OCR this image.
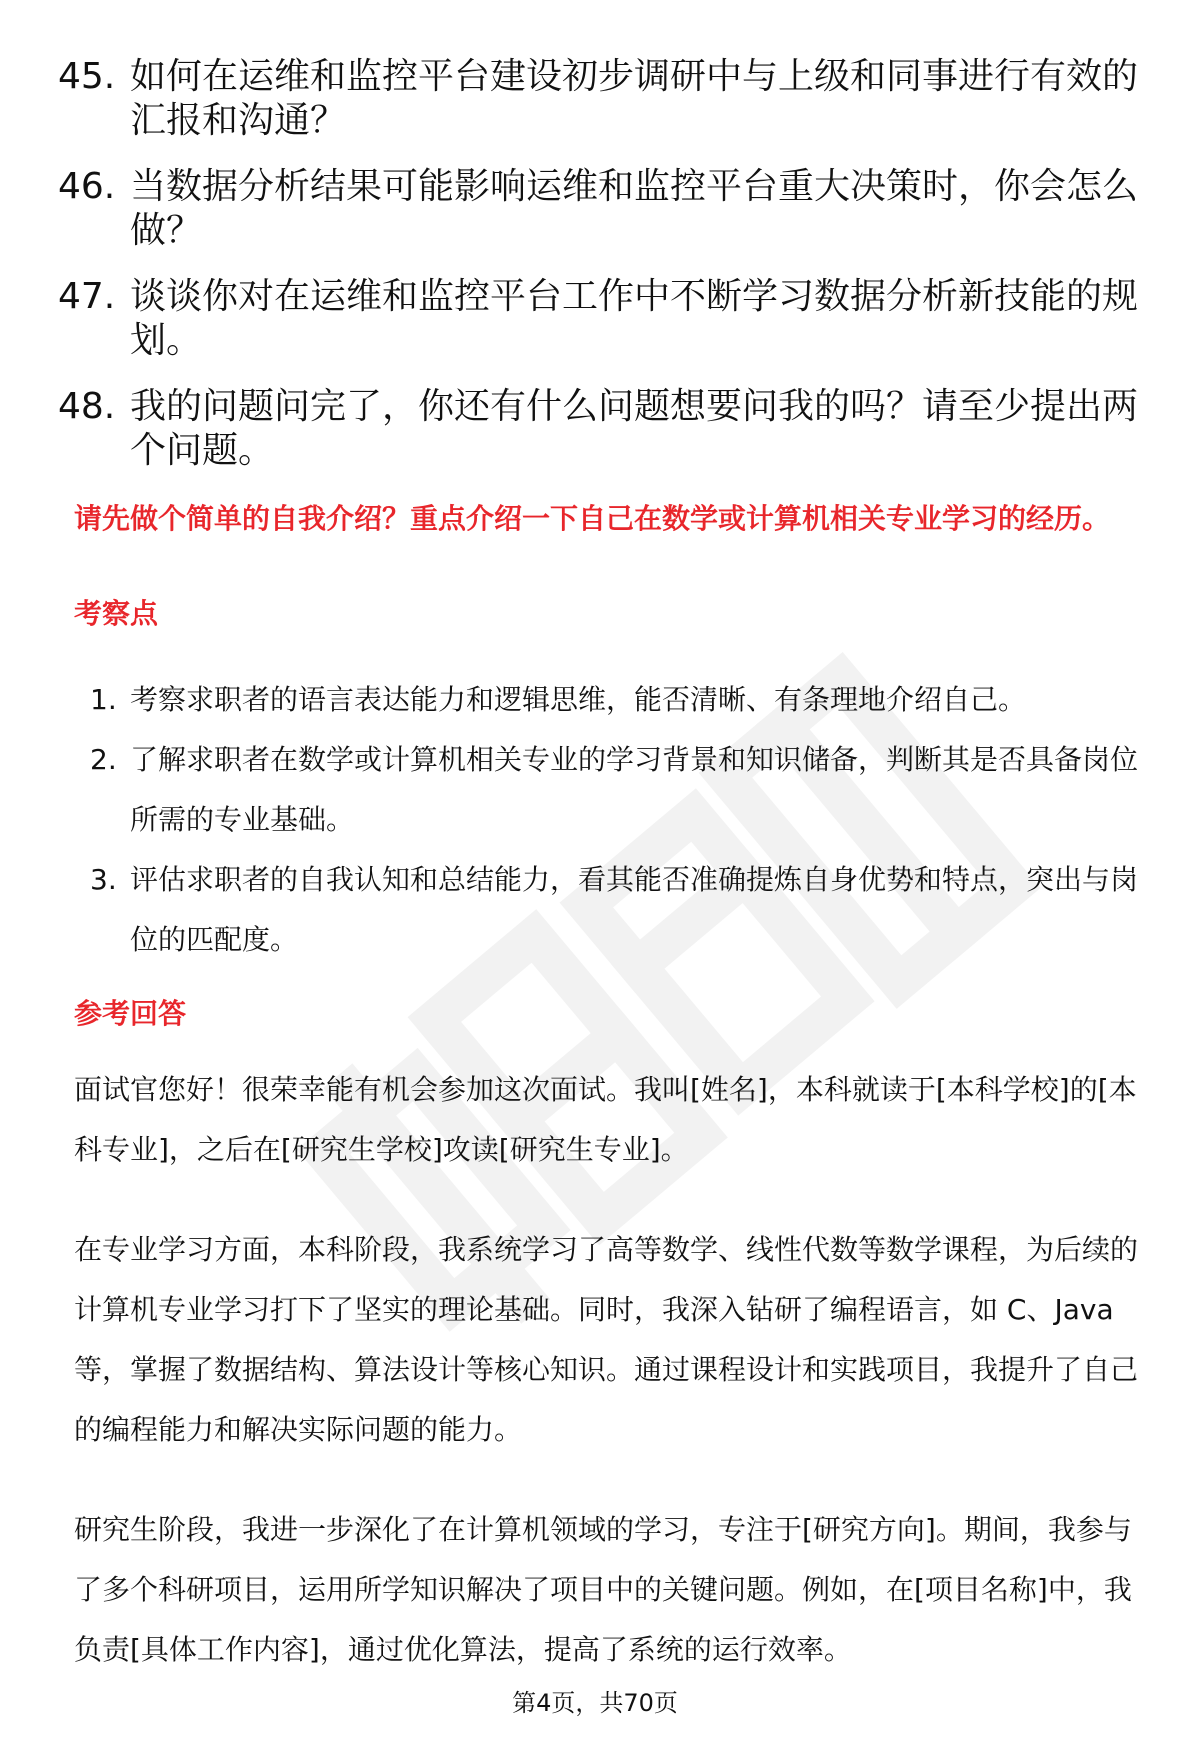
45. 如何在运维和监控平台建设初步调研中与上级和同事进行有效的汇报和沟通？
46. 当数据分析结果可能影响运维和监控平台重大决策时，你会怎么做？
47. 谈谈你对在运维和监控平台工作中不断学习数据分析新技能的规划。
48. 我的问题问完了，你还有什么问题想要问我的吗？请至少提出两个问题。
请先做个简单的自我介绍？重点介绍一下自己在数学或计算机相关专业学习的经历。
考察点
1. 考察求职者的语言表达能力和逻辑思维，能否清晰、有条理地介绍自己。
2. 了解求职者在数学或计算机相关专业的学习背景和知识储备，判断其是否具备岗位所需的专业基础。
3. 评估求职者的自我认知和总结能力，看其能否准确提炼自身优势和特点，突出与岗位的匹配度。
参考回答
面试官您好！很荣幸能有机会参加这次面试。我叫[姓名]，本科就读于[本科学校]的[本科专业]，之后在[研究生学校]攻读[研究生专业]。
在专业学习方面，本科阶段，我系统学习了高等数学、线性代数等数学课程，为后续的计算机专业学习打下了坚实的理论基础。同时，我深入钻研了编程语言，如 C、Java 等，掌握了数据结构、算法设计等核心知识。通过课程设计和实践项目，我提升了自己的编程能力和解决实际问题的能力。
研究生阶段，我进一步深化了在计算机领域的学习，专注于[研究方向]。期间，我参与了多个科研项目，运用所学知识解决了项目中的关键问题。例如，在[项目名称]中，我负责[具体工作内容]，通过优化算法，提高了系统的运行效率。
第4页，共70页
